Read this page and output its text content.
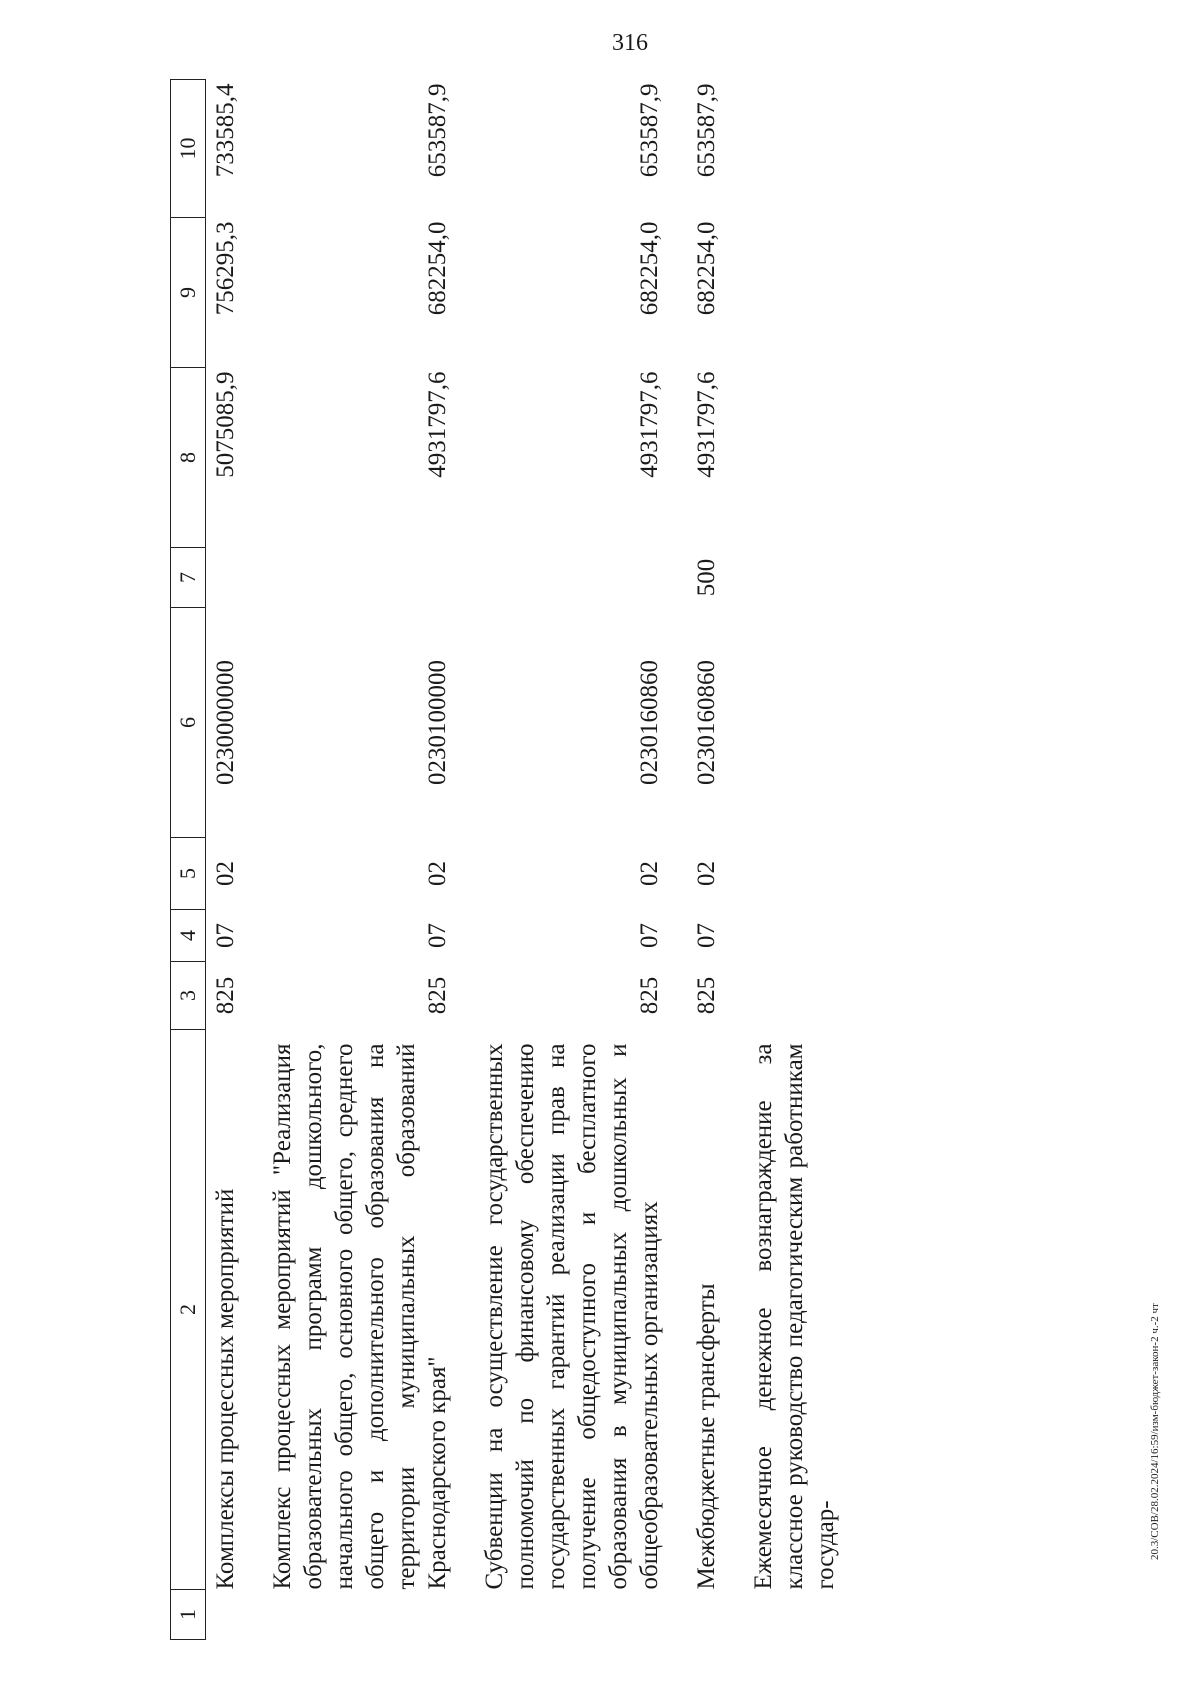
316
1	2	3	4	5	6	7	8	9	10
	Комплексы процессных мероприятий	825	07	02	0230000000		5075085,9	756295,3	733585,4

	Комплекс процессных мероприятий "Реализация образовательных программ дошкольного, начального общего, основного общего, среднего общего и дополнительного образования на территории муниципальных образований Краснодарского края"	825	07	02	0230100000		4931797,6	682254,0	653587,9

	Субвенции на осуществление государственных полномочий по финансовому обеспечению государственных гарантий реализации прав на получение общедоступного и бесплатного образования в муниципальных дошкольных и общеобразовательных организациях	825	07	02	0230160860		4931797,6	682254,0	653587,9

	Межбюджетные трансферты	825	07	02	0230160860	500	4931797,6	682254,0	653587,9

	Ежемесячное денежное вознаграждение за классное руководство педагогическим работникам государ-									20.3/СОВ/28.02.2024/16:59/изм-бюджет-закон-2 ч.-2 чт
